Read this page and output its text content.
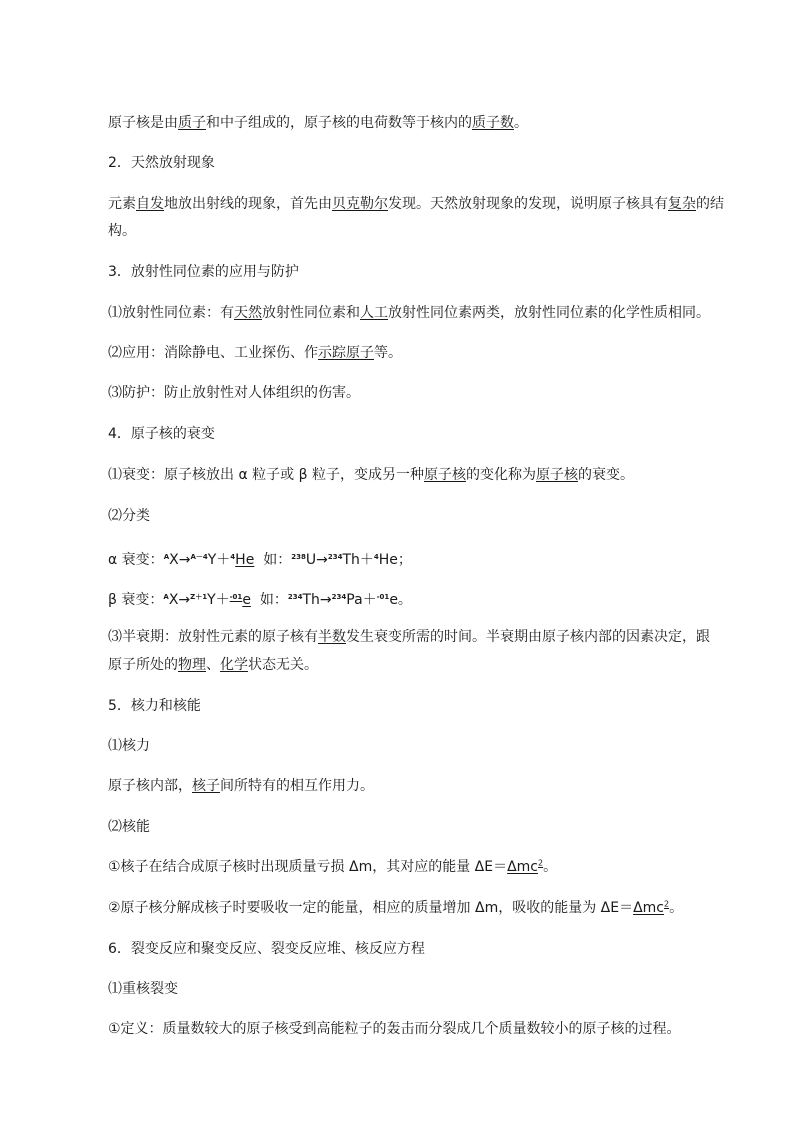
原子核是由质子和中子组成的，原子核的电荷数等于核内的质子数。
2．天然放射现象
元素自发地放出射线的现象，首先由贝克勒尔发现。天然放射现象的发现，说明原子核具有复杂的结
构。
3．放射性同位素的应用与防护
⑴放射性同位素：有天然放射性同位素和人工放射性同位素两类，放射性同位素的化学性质相同。
⑵应用：消除静电、工业探伤、作示踪原子等。
⑶防护：防止放射性对人体组织的伤害。
4．原子核的衰变
⑴衰变：原子核放出 α 粒子或 β 粒子，变成另一种原子核的变化称为原子核的衰变。
⑵分类
α 衰变：$^A$X→$^{A-4}$Y＋$^4$He  如：$^{238}$U→$^{234}$Th＋$^4$He；
β 衰变：$^A$X→$^{Z+1}$Y＋$^{-01}$e  如：$^{234}$Th→$^{234}$Pa＋$^{-01}$e。
⑶半衰期：放射性元素的原子核有半数发生衰变所需的时间。半衰期由原子核内部的因素决定，跟
原子所处的物理、化学状态无关。
5．核力和核能
⑴核力
原子核内部，核子间所特有的相互作用力。
⑵核能
①核子在结合成原子核时出现质量亏损 Δm，其对应的能量 ΔE＝Δmc$^2$。
②原子核分解成核子时要吸收一定的能量，相应的质量增加 Δm，吸收的能量为 ΔE＝Δmc$^2$。
6．裂变反应和聚变反应、裂变反应堆、核反应方程
⑴重核裂变
①定义：质量数较大的原子核受到高能粒子的轰击而分裂成几个质量数较小的原子核的过程。
